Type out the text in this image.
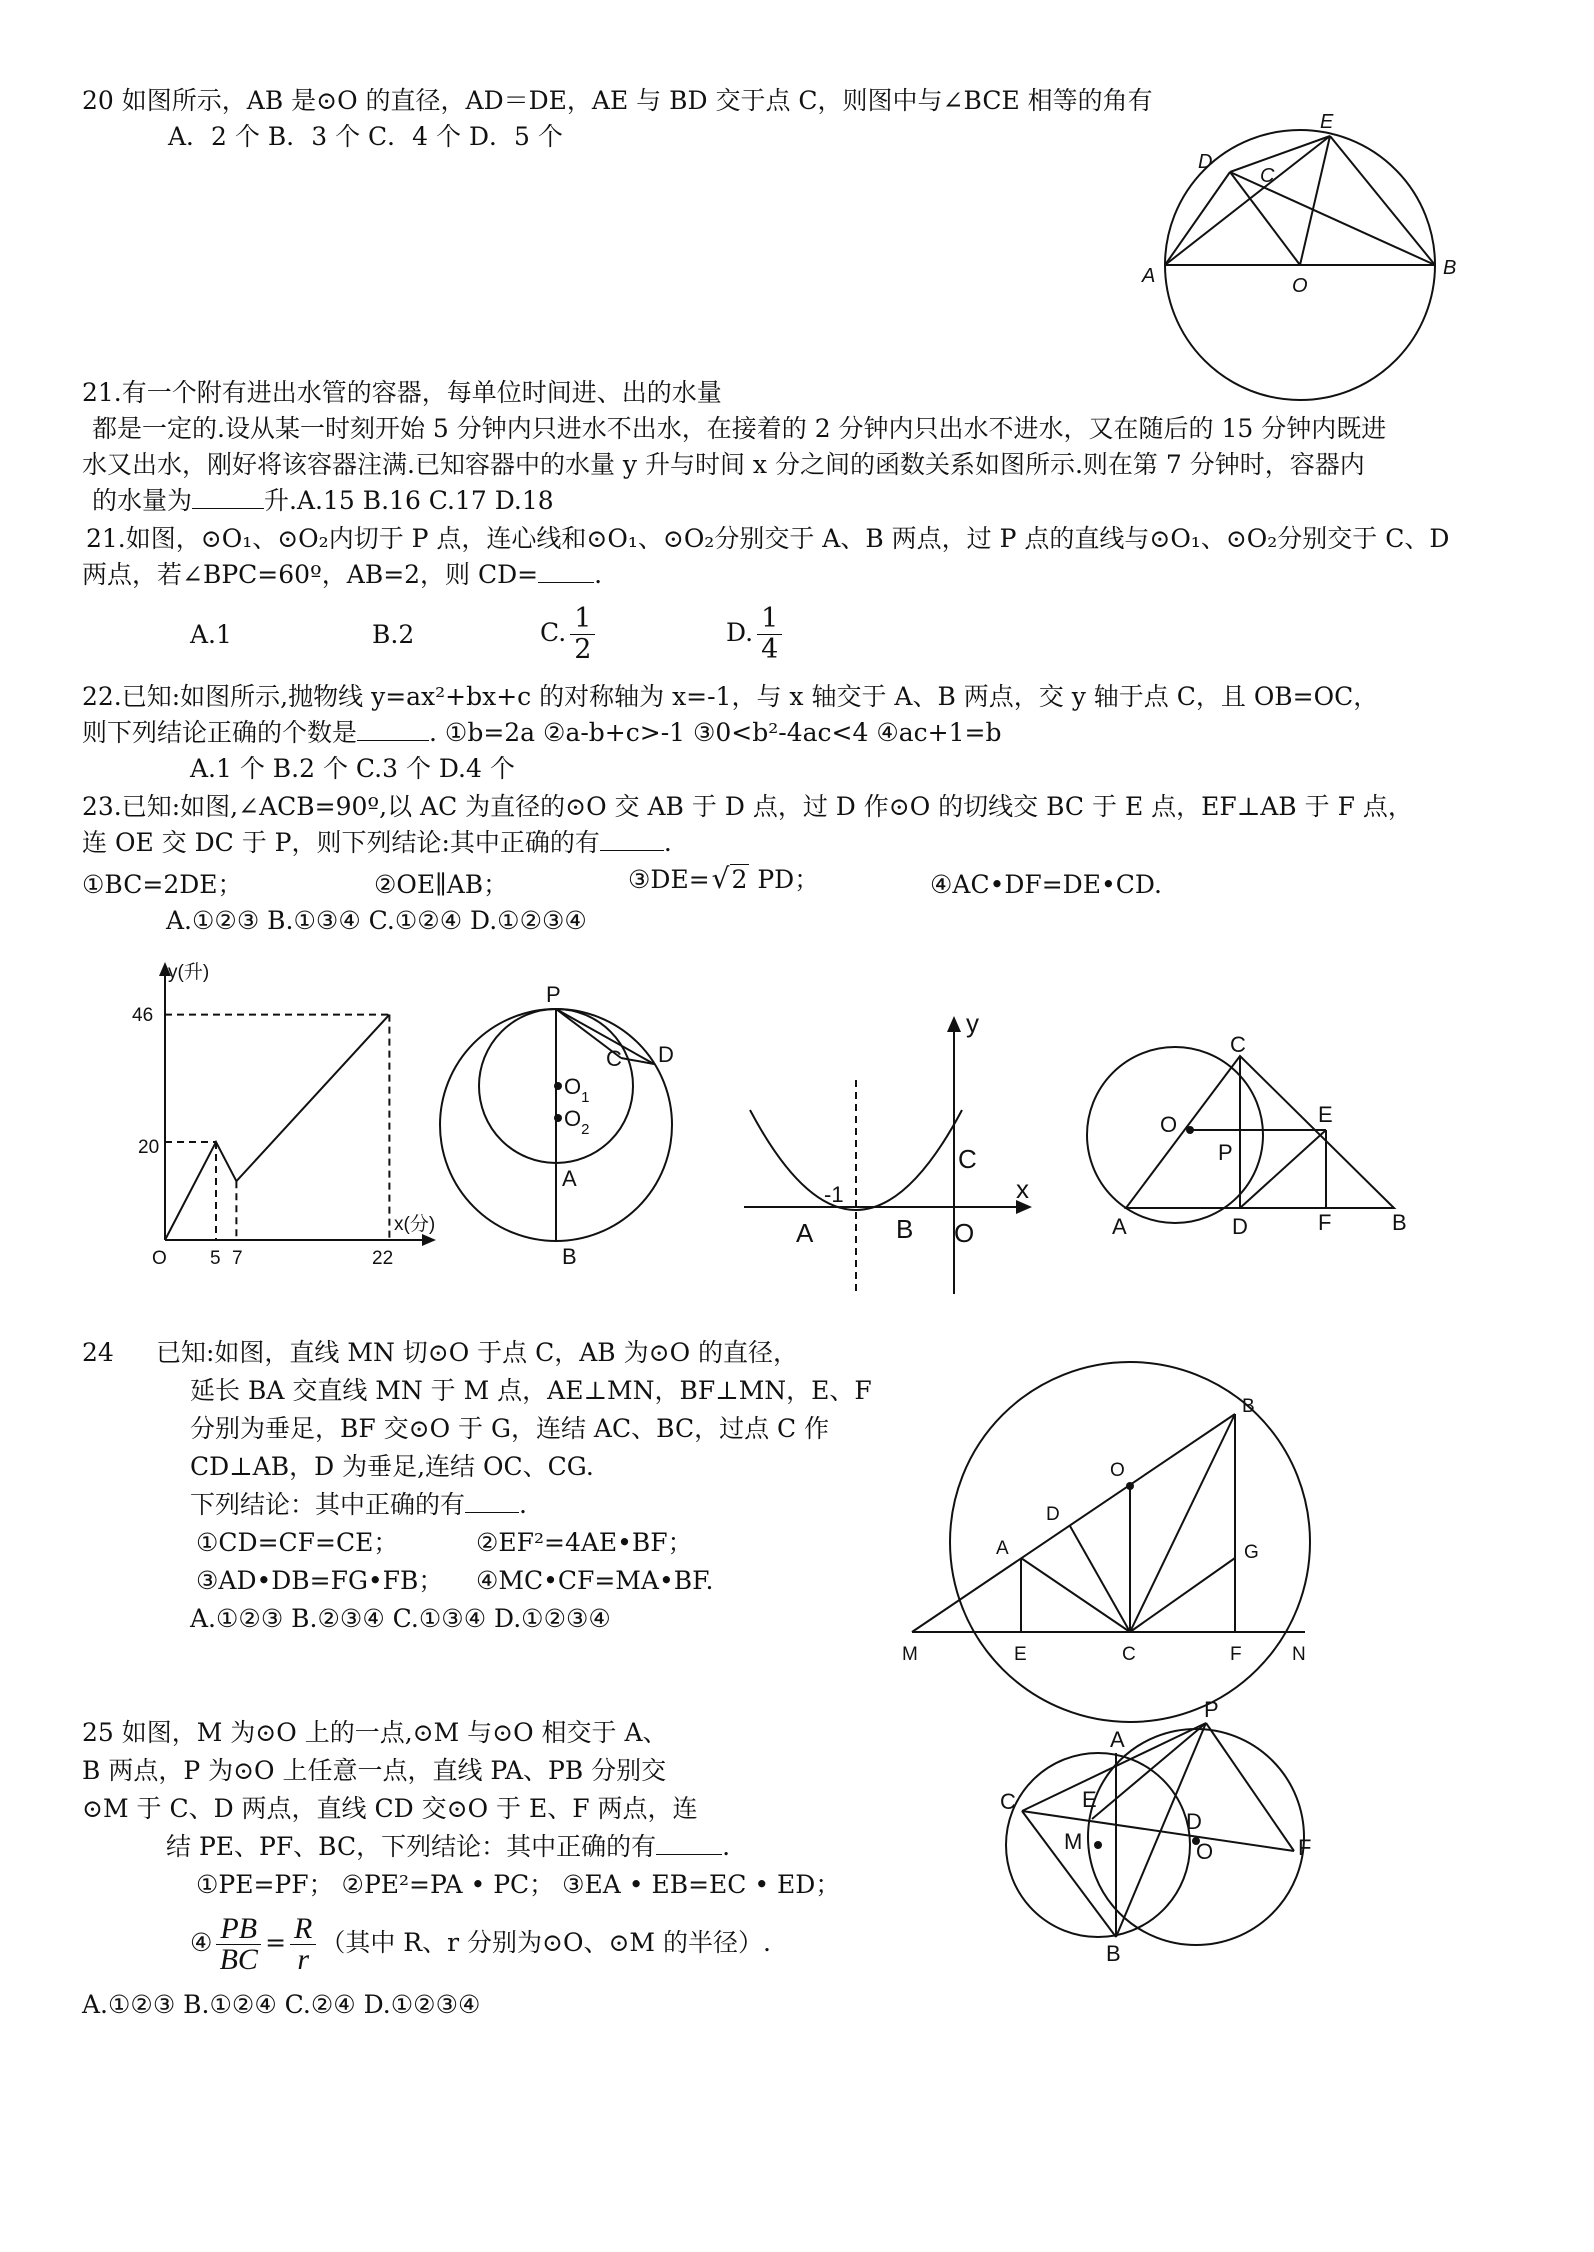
20 如图所示，AB 是⊙O 的直径，AD＝DE，AE 与 BD 交于点 C，则图中与∠BCE 相等的角有
A．2 个 B．3 个 C．4 个 D．5 个
D
E
C
A	O
B
21.有一个附有进出水管的容器，每单位时间进、出的水量
都是一定的.设从某一时刻开始 5 分钟内只进水不出水，在接着的 2 分钟内只出水不进水，又在随后的 15 分钟内既进
水又出水，刚好将该容器注满.已知容器中的水量 y 升与时间 x 分之间的函数关系如图所示.则在第 7 分钟时，容器内
的水量为	升.A.15 B.16 C.17 D.18
21.如图，⊙O₁、⊙O₂内切于 P 点，连心线和⊙O₁、⊙O₂分别交于 A、B 两点，过 P 点的直线与⊙O₁、⊙O₂分别交于 C、D
两点，若∠BPC=60º，AB=2，则 CD= .
A.1	B.2	C. $\frac{1}{2}$	D. $\frac{1}{4}$
22.已知:如图所示,抛物线 y=ax²+bx+c 的对称轴为 x=-1，与 x 轴交于 A、B 两点，交 y 轴于点 C，且 OB=OC，
则下列结论正确的个数是	. ①b=2a ②a-b+c>-1 ③0<b²-4ac<4 ④ac+1=b
A.1 个 B.2 个 C.3 个 D.4 个
23.已知:如图,∠ACB=90º,以 AC 为直径的⊙O 交 AB 于 D 点，过 D 作⊙O 的切线交 BC 于 E 点，EF⊥AB 于 F 点，
连 OE 交 DC 于 P，则下列结论:其中正确的有	.
①BC=2DE；	②OE∥AB；	③DE=√2 PD；	④AC•DF=DE•CD.
A.①②③ B.①③④ C.①②④ D.①②③④
y(升)
x(分)
46
20
O 5 7	22
P
C D
$O_1$
$O_2$
A
B
y
x
-1
A	B
C
O
C
O	E
P
A	D	F	B
24 已知:如图，直线 MN 切⊙O 于点 C，AB 为⊙O 的直径，
延长 BA 交直线 MN 于 M 点，AE⊥MN，BF⊥MN，E、F
分别为垂足，BF 交⊙O 于 G，连结 AC、BC，过点 C 作
CD⊥AB，D 为垂足,连结 OC、CG.
下列结论：其中正确的有 .
①CD=CF=CE；	②EF²=4AE•BF；
③AD•DB=FG•FB； ④MC•CF=MA•BF.
A.①②③ B.②③④ C.①③④ D.①②③④
B
O
D
A	G
M	E	C	F	N
25 如图，M 为⊙O 上的一点,⊙M 与⊙O 相交于 A、
B 两点，P 为⊙O 上任意一点，直线 PA、PB 分别交
⊙M 于 C、D 两点，直线 CD 交⊙O 于 E、F 两点，连
结 PE、PF、BC，下列结论：其中正确的有	.
①PE=PF； ②PE²=PA • PC； ③EA • EB=EC • ED；
④ $\frac{PB}{BC} = \frac{R}{r}$ （其中 R、r 分别为⊙O、⊙M 的半径）.
A.①②③ B.①②④ C.②④ D.①②③④
P
A
C	E
D
M	F
O
B
